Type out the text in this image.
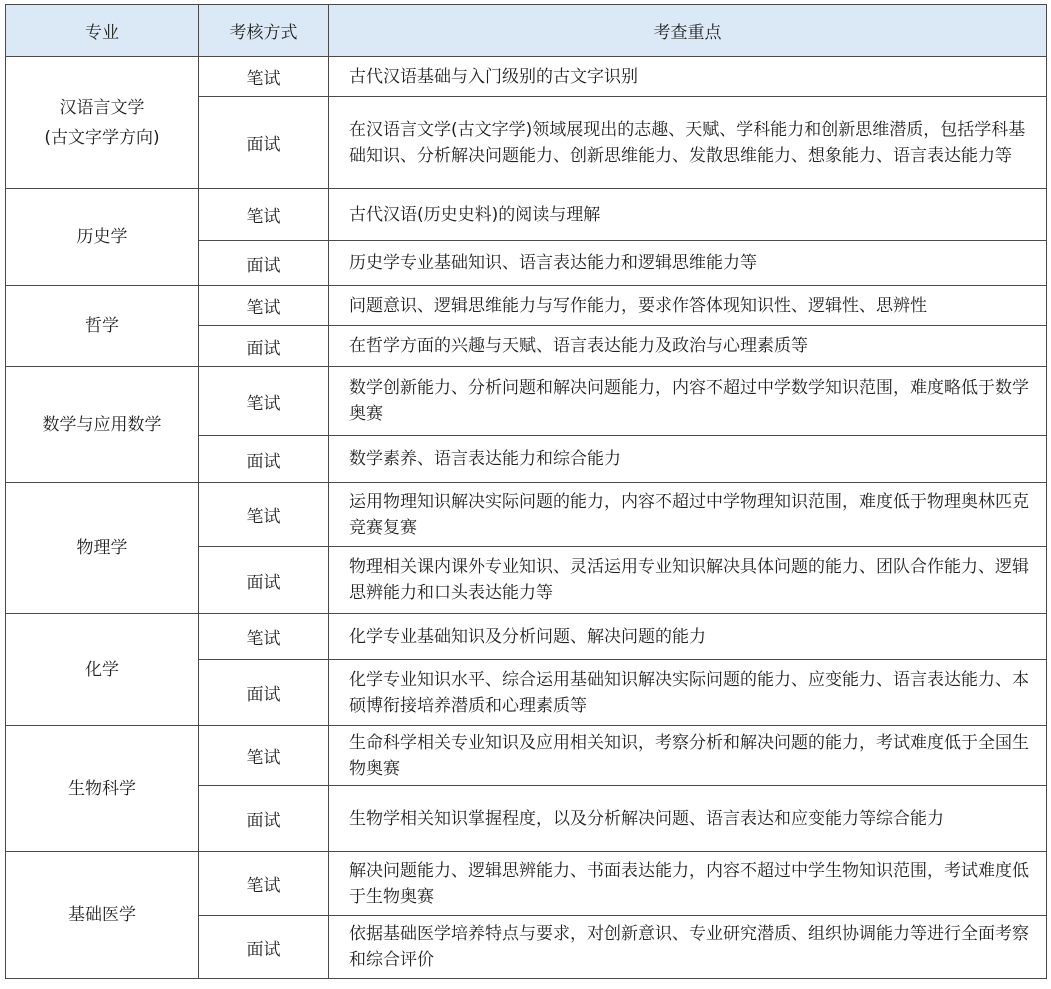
专业	考核方式	考查重点
汉语言文学
(古文字学方向)	笔试	古代汉语基础与入门级别的古文字识别
	面试	在汉语言文学(古文字学)领域展现出的志趣、天赋、学科能力和创新思维潜质，包括学科基础知识、分析解决问题能力、创新思维能力、发散思维能力、想象能力、语言表达能力等
历史学	笔试	古代汉语(历史史料)的阅读与理解
	面试	历史学专业基础知识、语言表达能力和逻辑思维能力等
哲学	笔试	问题意识、逻辑思维能力与写作能力，要求作答体现知识性、逻辑性、思辨性
	面试	在哲学方面的兴趣与天赋、语言表达能力及政治与心理素质等
数学与应用数学	笔试	数学创新能力、分析问题和解决问题能力，内容不超过中学数学知识范围，难度略低于数学奥赛
	面试	数学素养、语言表达能力和综合能力
物理学	笔试	运用物理知识解决实际问题的能力，内容不超过中学物理知识范围，难度低于物理奥林匹克竞赛复赛
	面试	物理相关课内课外专业知识、灵活运用专业知识解决具体问题的能力、团队合作能力、逻辑思辨能力和口头表达能力等
化学	笔试	化学专业基础知识及分析问题、解决问题的能力
	面试	化学专业知识水平、综合运用基础知识解决实际问题的能力、应变能力、语言表达能力、本硕博衔接培养潜质和心理素质等
生物科学	笔试	生命科学相关专业知识及应用相关知识，考察分析和解决问题的能力，考试难度低于全国生物奥赛
	面试	生物学相关知识掌握程度，以及分析解决问题、语言表达和应变能力等综合能力
基础医学	笔试	解决问题能力、逻辑思辨能力、书面表达能力，内容不超过中学生物知识范围，考试难度低于生物奥赛
	面试	依据基础医学培养特点与要求，对创新意识、专业研究潜质、组织协调能力等进行全面考察和综合评价
